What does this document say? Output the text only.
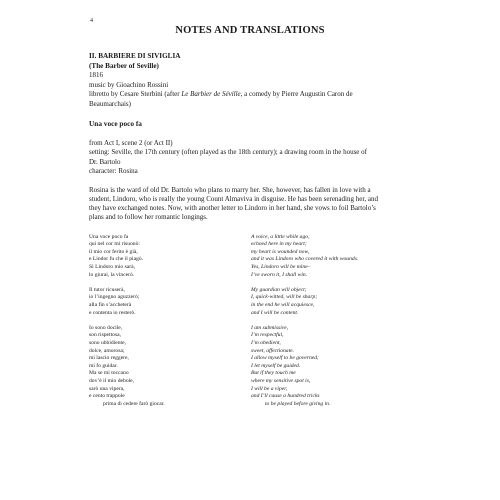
4
NOTES AND TRANSLATIONS
II. BARBIERE DI SIVIGLIA
(The Barber of Seville)
1816
music by Gioachino Rossini
libretto by Cesare Sterbini (after Le Barbier de Séville, a comedy by Pierre Augustin Caron de
Beaumarchais)
Una voce poco fa
from Act I, scene 2 (or Act II)
setting: Seville, the 17th century (often played as the 18th century); a drawing room in the house of
Dr. Bartolo
character: Rosina
Rosina is the ward of old Dr. Bartolo who plans to marry her. She, however, has fallen in love with a
student, Lindoro, who is really the young Count Almaviva in disguise. He has been serenading her, and
they have exchanged notes. Now, with another letter to Lindoro in her hand, she vows to foil Bartolo’s
plans and to follow her romantic longings.
Una voce poco fa
qui nel cor mi risuonò:
il mio cor ferito è già,
e Lindor fu che il piagò.
Sì Lindoro mio sarà,
lo giurai, la vincerò.
A voice, a little while ago,
echoed here in my heart;
my heart is wounded now,
and it was Lindoro who covered it with wounds.
Yes, Lindoro will be mine–
I’ve sworn it, I shall win.
Il tutor ricuserà,
io l’ingegno aguzzerò;
alla fin s’accheterà
e contenta io resterò.
My guardian will object;
I, quick-witted, will be sharp;
in the end he will acquiesce,
and I will be content.
Io sono docile,
son rispettosa,
sono ubbidiente,
dolce, amorosa;
mi lascio reggere,
mi fo guidar.
Ma se mi toccano
dov’è il mio debole,
sarò una vipera,
e cento trappole
prima di cedere farò giocar.
I am submissive,
I’m respectful,
I’m obedient,
sweet, affectionate.
I allow myself to be governed;
I let myself be guided.
But if they touch me
where my sensitive spot is,
I will be a viper,
and I’ll cause a hundred tricks
to be played before giving in.
